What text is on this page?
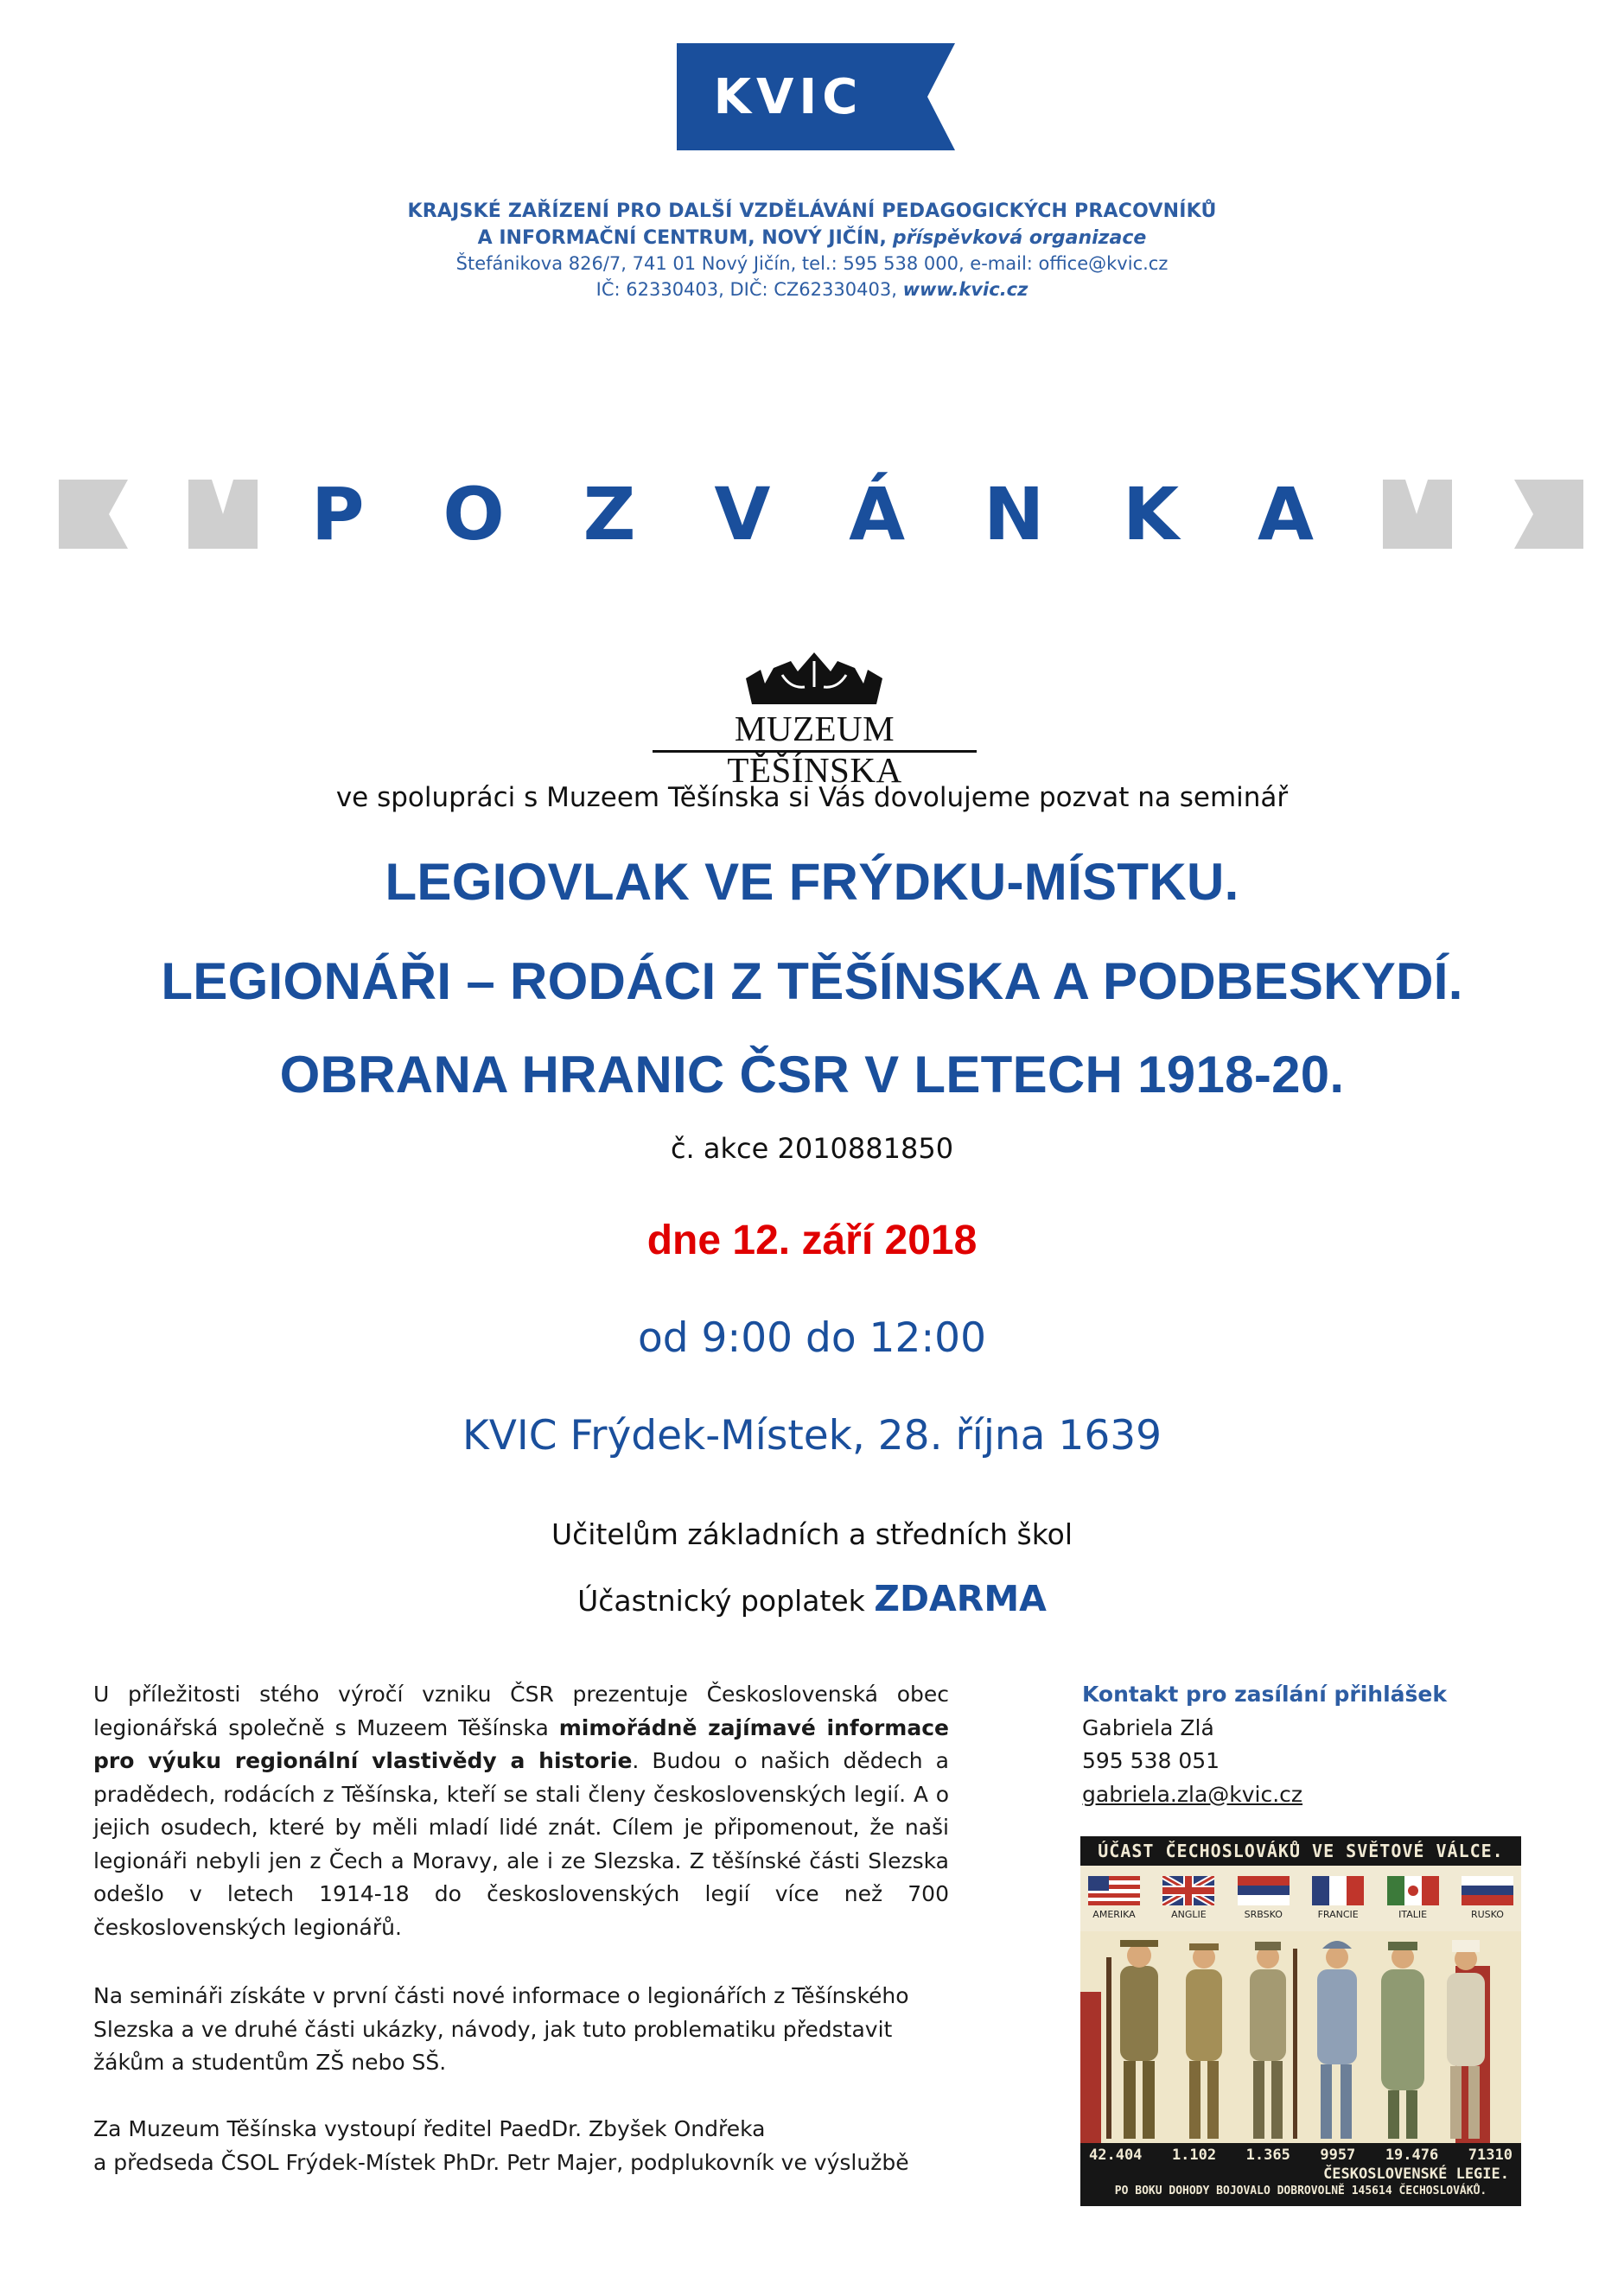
KVIC
KRAJSKÉ ZAŘÍZENÍ PRO DALŠÍ VZDĚLÁVÁNÍ PEDAGOGICKÝCH PRACOVNÍKŮ
A INFORMAČNÍ CENTRUM, NOVÝ JIČÍN, příspěvková organizace
Štefánikova 826/7, 741 01 Nový Jičín, tel.: 595 538 000, e-mail: office@kvic.cz
IČ: 62330403, DIČ: CZ62330403, www.kvic.cz
P O Z V Á N K A
MUZEUM TĚŠÍNSKA
ve spolupráci s Muzeem Těšínska si Vás dovolujeme pozvat na seminář
LEGIOVLAK VE FRÝDKU-MÍSTKU.
LEGIONÁŘI – RODÁCI Z TĚŠÍNSKA A PODBESKYDÍ.
OBRANA HRANIC ČSR V LETECH 1918-20.
č. akce 2010881850
dne 12. září 2018
od 9:00 do 12:00
KVIC Frýdek-Místek, 28. října 1639
Učitelům základních a středních škol
Účastnický poplatek ZDARMA
U příležitosti stého výročí vzniku ČSR prezentuje Československá obec legionářská společně s Muzeem Těšínska mimořádně zajímavé informace pro výuku regionální vlastivědy a historie. Budou o našich dědech a pradědech, rodácích z Těšínska, kteří se stali členy československých legií. A o jejich osudech, které by měli mladí lidé znát. Cílem je připomenout, že naši legionáři nebyli jen z Čech a Moravy, ale i ze Slezska. Z těšínské části Slezska odešlo v letech 1914-18 do československých legií více než 700 československých legionářů.
Na semináři získáte v první části nové informace o legionářích z Těšínského
Slezska a ve druhé části ukázky, návody, jak tuto problematiku představit
žákům a studentům ZŠ nebo SŠ.
Za Muzeum Těšínska vystoupí ředitel PaedDr. Zbyšek Ondřeka
a předseda ČSOL Frýdek-Místek PhDr. Petr Majer, podplukovník ve výslužbě
Kontakt pro zasílání přihlášek
Gabriela Zlá
595 538 051
gabriela.zla@kvic.cz
ÚČAST ČECHOSLOVÁKŮ VE SVĚTOVÉ VÁLCE.
AMERIKA	ANGLIE	SRBSKO	FRANCIE	ITALIE	RUSKO
42.404 1.102 1.365 9957 19.476 71310
ČESKOSLOVENSKÉ LEGIE.
PO BOKU DOHODY BOJOVALO DOBROVOLNĚ 145614 ČECHOSLOVÁKŮ.
